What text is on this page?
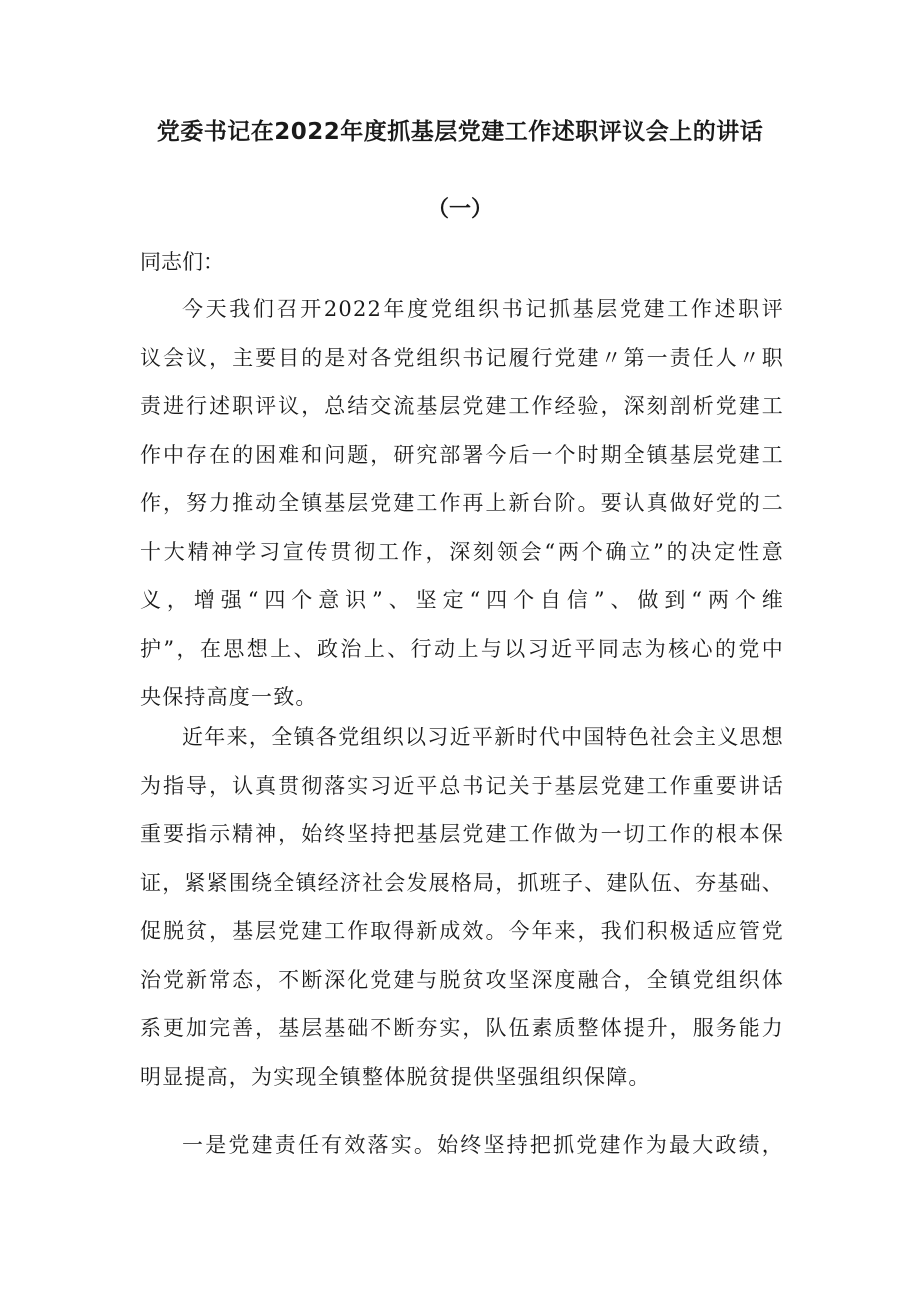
党委书记在2022年度抓基层党建工作述职评议会上的讲话
（一）
同志们：
今天我们召开2022年度党组织书记抓基层党建工作述职评
议会议，主要目的是对各党组织书记履行党建〃第一责任人〃职
责进行述职评议，总结交流基层党建工作经验，深刻剖析党建工
作中存在的困难和问题，研究部署今后一个时期全镇基层党建工
作，努力推动全镇基层党建工作再上新台阶。要认真做好党的二
十大精神学习宣传贯彻工作，深刻领会“两个确立”的决定性意
义，增强“四个意识”、坚定“四个自信”、做到“两个维
护”，在思想上、政治上、行动上与以习近平同志为核心的党中
央保持高度一致。
近年来，全镇各党组织以习近平新时代中国特色社会主义思想
为指导，认真贯彻落实习近平总书记关于基层党建工作重要讲话
重要指示精神，始终坚持把基层党建工作做为一切工作的根本保
证，紧紧围绕全镇经济社会发展格局，抓班子、建队伍、夯基础、
促脱贫，基层党建工作取得新成效。今年来，我们积极适应管党
治党新常态，不断深化党建与脱贫攻坚深度融合，全镇党组织体
系更加完善，基层基础不断夯实，队伍素质整体提升，服务能力
明显提高，为实现全镇整体脱贫提供坚强组织保障。
一是党建责任有效落实。始终坚持把抓党建作为最大政绩，
